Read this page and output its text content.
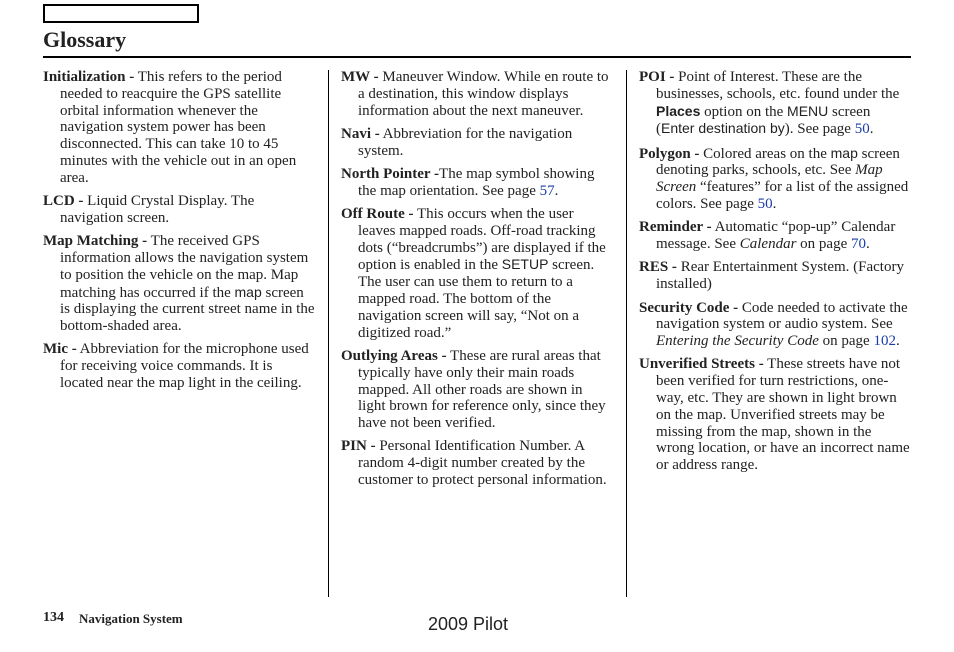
Glossary

Initialization - This refers to the period needed to reacquire the GPS satellite orbital information whenever the navigation system power has been disconnected. This can take 10 to 45 minutes with the vehicle out in an open area.

LCD - Liquid Crystal Display. The navigation screen.

Map Matching - The received GPS information allows the navigation system to position the vehicle on the map. Map matching has occurred if the map screen is displaying the current street name in the bottom-shaded area.

Mic - Abbreviation for the microphone used for receiving voice commands. It is located near the map light in the ceiling.

MW - Maneuver Window. While en route to a destination, this window displays information about the next maneuver.

Navi - Abbreviation for the navigation system.

North Pointer -The map symbol showing the map orientation. See page 57.

Off Route - This occurs when the user leaves mapped roads. Off-road tracking dots (“breadcrumbs”) are displayed if the option is enabled in the SETUP screen. The user can use them to return to a mapped road. The bottom of the navigation screen will say, “Not on a digitized road.”

Outlying Areas - These are rural areas that typically have only their main roads mapped. All other roads are shown in light brown for reference only, since they have not been verified.

PIN - Personal Identification Number. A random 4-digit number created by the customer to protect personal information.

POI - Point of Interest. These are the businesses, schools, etc. found under the Places option on the MENU screen (Enter destination by). See page 50.

Polygon - Colored areas on the map screen denoting parks, schools, etc. See Map Screen “features” for a list of the assigned colors. See page 50.

Reminder - Automatic “pop-up” Calendar message. See Calendar on page 70.

RES - Rear Entertainment System. (Factory installed)

Security Code - Code needed to activate the navigation system or audio system. See Entering the Security Code on page 102.

Unverified Streets - These streets have not been verified for turn restrictions, one-way, etc. They are shown in light brown on the map. Unverified streets may be missing from the map, shown in the wrong location, or have an incorrect name or address range.

134 Navigation System	2009 Pilot
